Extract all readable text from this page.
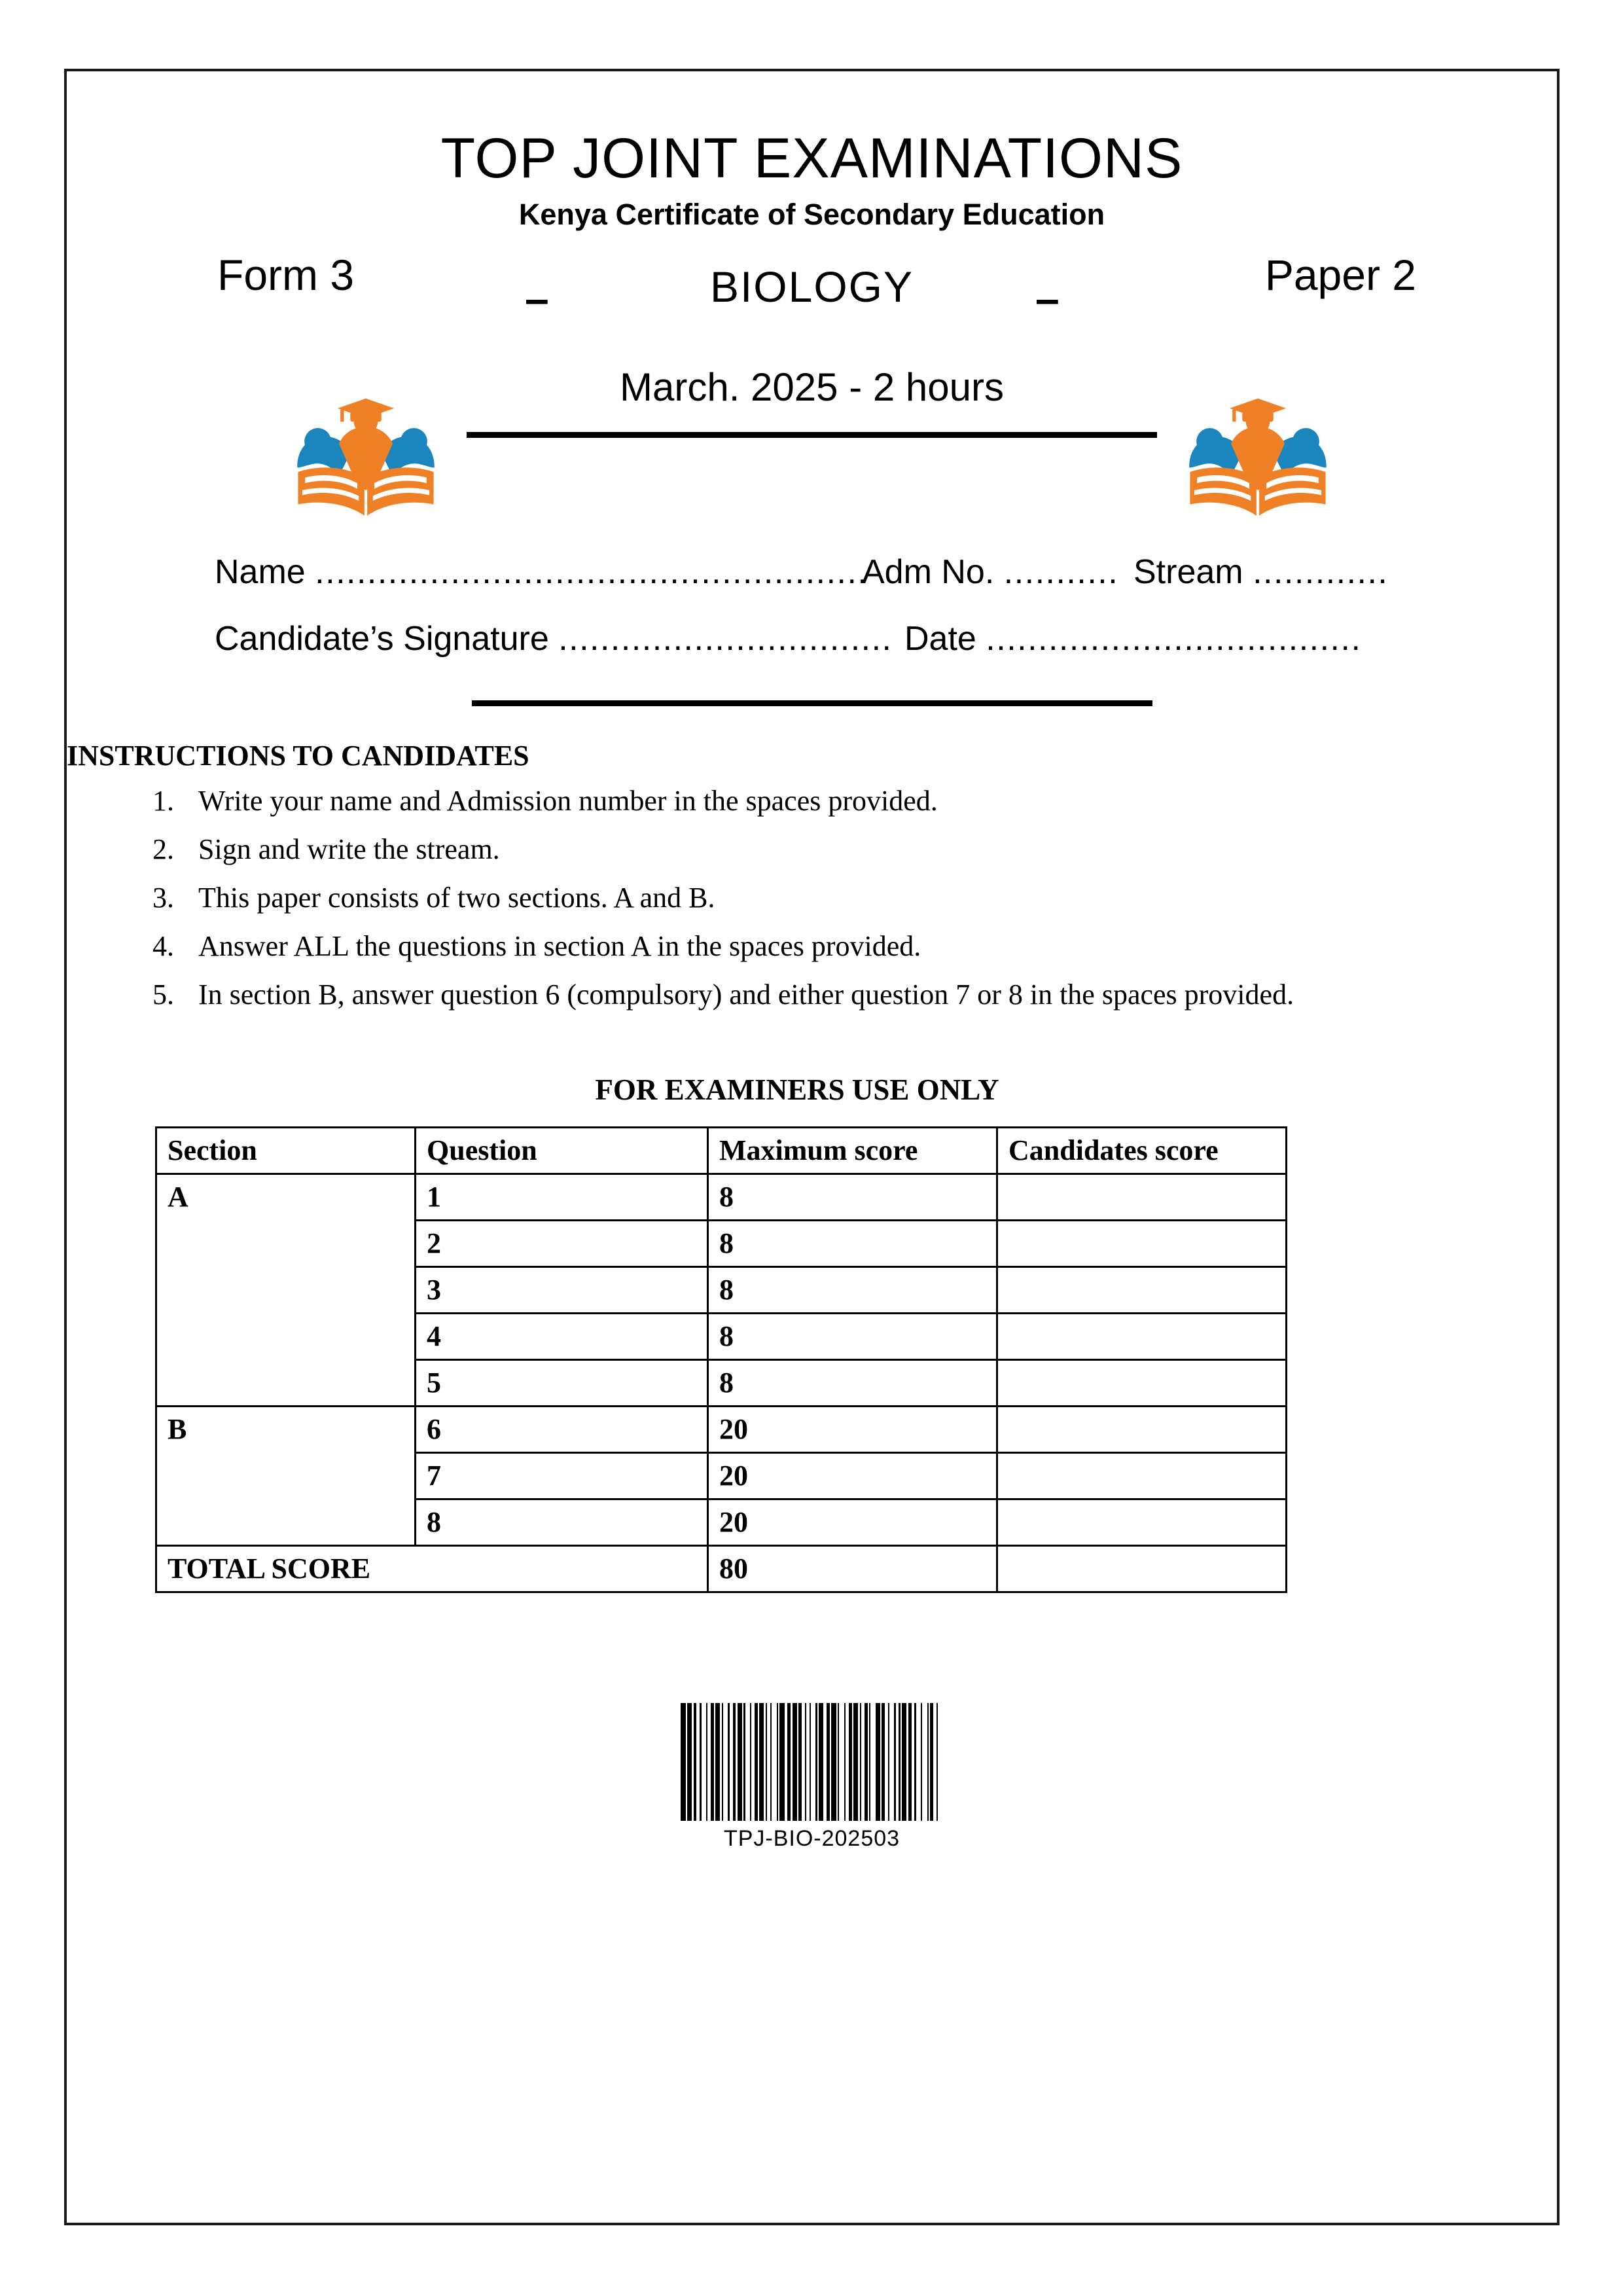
TOP JOINT EXAMINATIONS
Kenya Certificate of Secondary Education
Form 3	–	BIOLOGY	–	Paper 2
March. 2025 - 2 hours
Name .....................................................
Adm No. ........... Stream .............
Candidate’s Signature ................................ Date ....................................
INSTRUCTIONS TO CANDIDATES
1. Write your name and Admission number in the spaces provided.
2. Sign and write the stream.
3. This paper consists of two sections. A and B.
4. Answer ALL the questions in section A in the spaces provided.
5. In section B, answer question 6 (compulsory) and either question 7 or 8 in the spaces provided.
FOR EXAMINERS USE ONLY
Section	Question	Maximum score	Candidates score
A	1	8	
	2	8	
	3	8	
	4	8	
	5	8	
B	6	20	
	7	20	
	8	20	
TOTAL SCORE		80	
TPJ-BIO-202503
